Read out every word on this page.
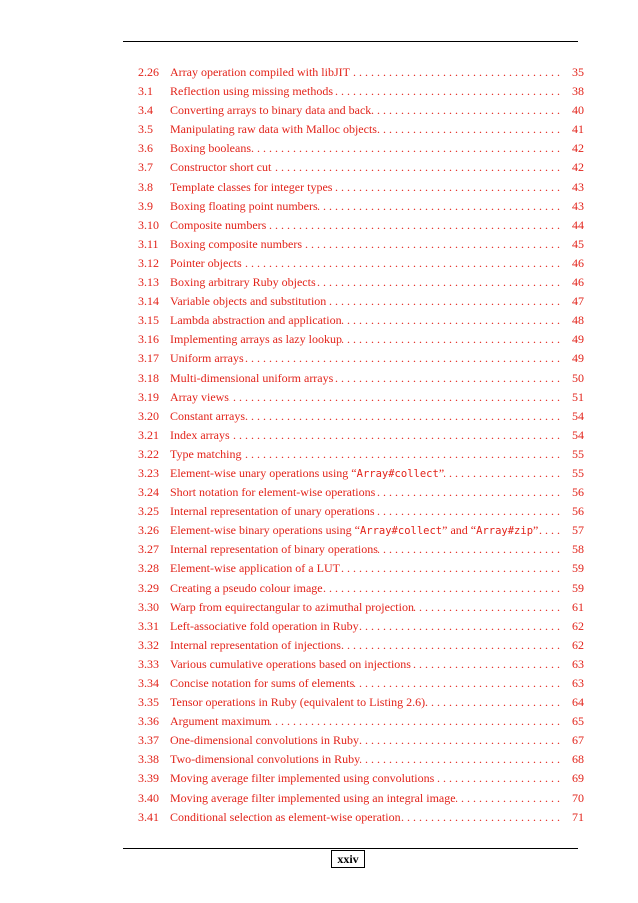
2.26 Array operation compiled with libJIT . . .	35
3.1	Reflection using missing methods . . .	38
3.4	Converting arrays to binary data and back . . .	40
3.5	Manipulating raw data with Malloc objects . . .	41
3.6	Boxing booleans . . .	42
3.7	Constructor short cut . . .	42
3.8	Template classes for integer types . . .	43
3.9	Boxing floating point numbers . . .	43
3.10 Composite numbers . . .	44
3.11 Boxing composite numbers . . .	45
3.12 Pointer objects . . .	46
3.13 Boxing arbitrary Ruby objects . . .	46
3.14 Variable objects and substitution . . .	47
3.15 Lambda abstraction and application . . .	48
3.16 Implementing arrays as lazy lookup . . .	49
3.17 Uniform arrays . . .	49
3.18 Multi-dimensional uniform arrays . . .	50
3.19 Array views . . .	51
3.20 Constant arrays . . .	54
3.21 Index arrays . . .	54
3.22 Type matching . . .	55
3.23 Element-wise unary operations using “Array#collect” . . .	55
3.24 Short notation for element-wise operations . . .	56
3.25 Internal representation of unary operations . . .	56
3.26 Element-wise binary operations using “Array#collect” and “Array#zip” . . .	57
3.27 Internal representation of binary operations . . .	58
3.28 Element-wise application of a LUT . . .	59
3.29 Creating a pseudo colour image . . .	59
3.30 Warp from equirectangular to azimuthal projection . . .	61
3.31 Left-associative fold operation in Ruby . . .	62
3.32 Internal representation of injections . . .	62
3.33 Various cumulative operations based on injections . . .	63
3.34 Concise notation for sums of elements . . .	63
3.35 Tensor operations in Ruby (equivalent to Listing 2.6) . . .	64
3.36 Argument maximum . . .	65
3.37 One-dimensional convolutions in Ruby . . .	67
3.38 Two-dimensional convolutions in Ruby . . .	68
3.39 Moving average filter implemented using convolutions . . .	69
3.40 Moving average filter implemented using an integral image . . .	70
3.41 Conditional selection as element-wise operation . . .	71
xxiv
